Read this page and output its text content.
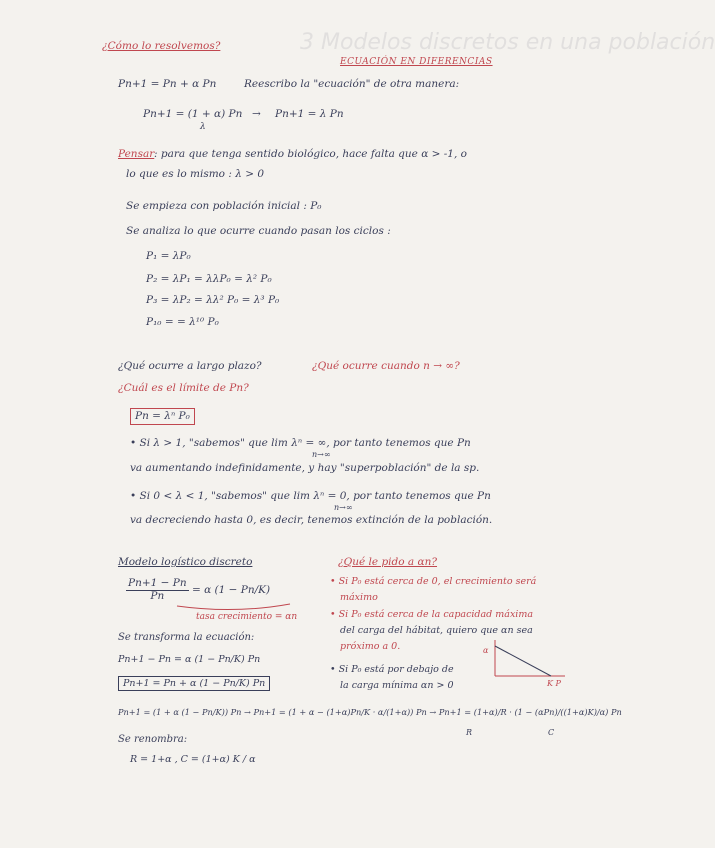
3 Modelos discretos en una población
¿Cómo lo resolvemos?
ECUACIÓN EN DIFERENCIAS
Pn+1 = Pn + α Pn	Reescribo la "ecuación" de otra manera:
Pn+1 = (1 + α) Pn
λ
→ Pn+1 = λ Pn
Pensar : para que tenga sentido biológico, hace falta que α > -1, o
lo que es lo mismo : λ > 0
Se empieza con población inicial : P₀
Se analiza lo que ocurre cuando pasan los ciclos :
P₁ = λP₀
P₂ = λP₁ = λλP₀ = λ² P₀
P₃ = λP₂ = λλ² P₀ = λ³ P₀
P₁₀ = = λ¹⁰ P₀
¿Qué ocurre a largo plazo?	¿Qué ocurre cuando n → ∞?
¿Cuál es el límite de Pn?
Pn = λⁿ P₀
• Si λ > 1, "sabemos" que lim λⁿ = ∞, por tanto tenemos que Pn
n→∞
va aumentando indefinidamente, y hay "superpoblación" de la sp.
• Si 0 < λ < 1, "sabemos" que lim λⁿ = 0, por tanto tenemos que Pn
n→∞
va decreciendo hasta 0, es decir, tenemos extinción de la población.
Modelo logístico discreto
$\frac{Pn+1 - Pn}{Pn} = \alpha$ (1 − Pn/K)
tasa crecimiento = αn
Se transforma la ecuación:
Pn+1 − Pn = α (1 − Pn/K) Pn
Pn+1 = Pn + α (1 − Pn/K) Pn
Pn+1 = (1 + α (1 − Pn/K)) Pn → Pn+1 = (1 + α − (1+α)Pn/K · α/(1+α)) Pn → Pn+1 = (1+α)/R · (1 − (αPn)/((1+α)K)/α) Pn
R	C
Se renombra:
R = 1+α , C = (1+α) K / α
¿Qué le pido a αn?
• Si P₀ está cerca de 0, el crecimiento será
máximo
• Si P₀ está cerca de la capacidad máxima
del carga del hábitat, quiero que αn sea
próximo a 0.
• Si P₀ está por debajo de
la carga mínima αn > 0
α
K P
